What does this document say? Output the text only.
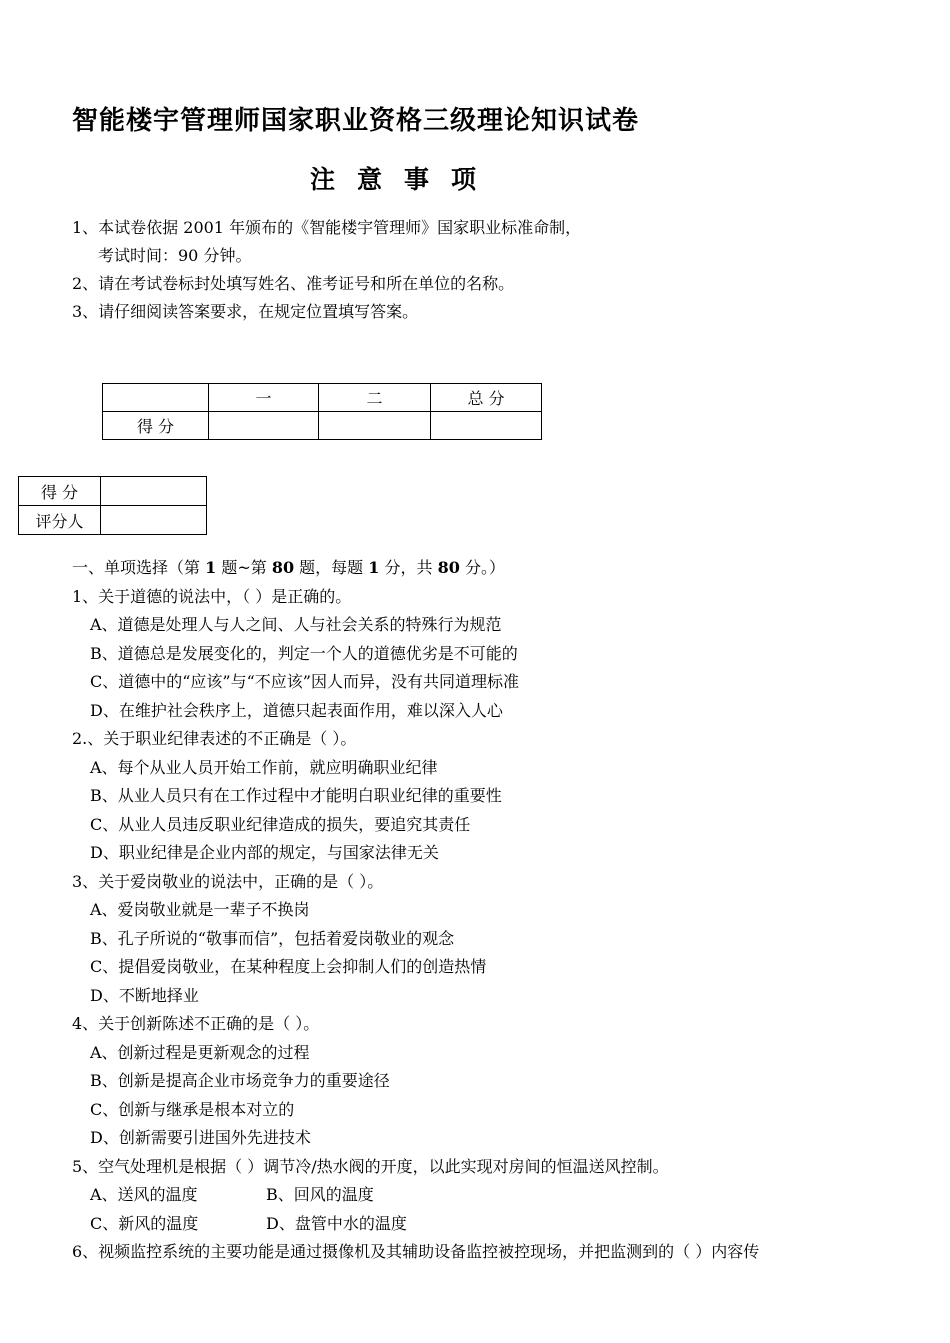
智能楼宇管理师国家职业资格三级理论知识试卷
注意事项
1、本试卷依据 2001 年颁布的《智能楼宇管理师》国家职业标准命制，
考试时间：90 分钟。
2、请在考试卷标封处填写姓名、准考证号和所在单位的名称。
3、请仔细阅读答案要求，在规定位置填写答案。
	一	二	总 分
得 分			
得 分	
评分人	
一、单项选择（第 1 题~第 80 题，每题 1 分，共 80 分。）
1、关于道德的说法中，（ ）是正确的。
A、道德是处理人与人之间、人与社会关系的特殊行为规范
B、道德总是发展变化的，判定一个人的道德优劣是不可能的
C、道德中的“应该”与“不应该”因人而异，没有共同道理标准
D、在维护社会秩序上，道德只起表面作用，难以深入人心
2.、关于职业纪律表述的不正确是（ ）。
A、每个从业人员开始工作前，就应明确职业纪律
B、从业人员只有在工作过程中才能明白职业纪律的重要性
C、从业人员违反职业纪律造成的损失，要追究其责任
D、职业纪律是企业内部的规定，与国家法律无关
3、关于爱岗敬业的说法中，正确的是（ ）。
A、爱岗敬业就是一辈子不换岗
B、孔子所说的“敬事而信”，包括着爱岗敬业的观念
C、提倡爱岗敬业，在某种程度上会抑制人们的创造热情
D、不断地择业
4、关于创新陈述不正确的是（ ）。
A、创新过程是更新观念的过程
B、创新是提高企业市场竞争力的重要途径
C、创新与继承是根本对立的
D、创新需要引进国外先进技术
5、空气处理机是根据（ ）调节冷/热水阀的开度，以此实现对房间的恒温送风控制。
A、送风的温度	B、回风的温度
C、新风的温度	D、盘管中水的温度
6、视频监控系统的主要功能是通过摄像机及其辅助设备监控被控现场，并把监测到的（ ）内容传
